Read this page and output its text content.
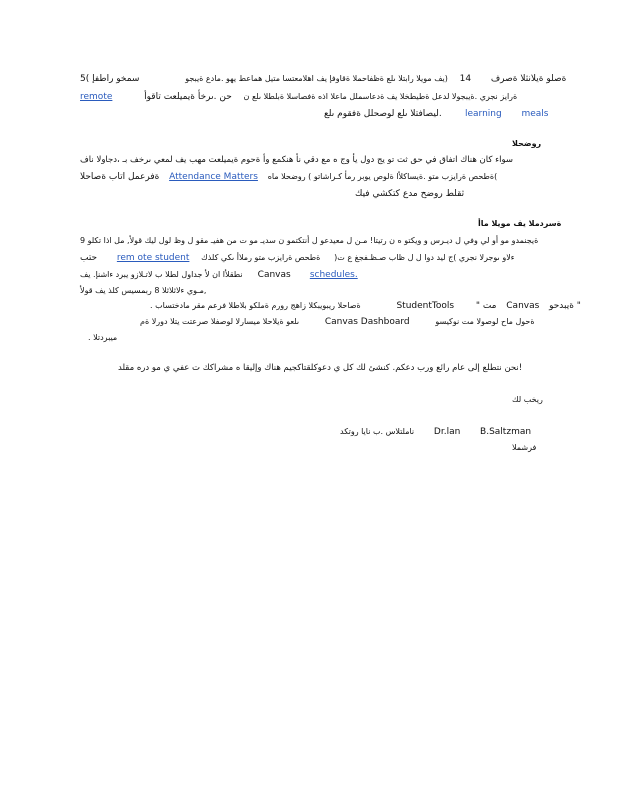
ةصلو ةيلانثلا ةصرف  14  (يف مويلا رابتلا ىلع ةظفاحملا ةقاوفإ يف اهلامعتسا متيل هماعط يهو .مادع ةيبجو  سمخو راطفإ )5
remote	ةرايز نجري .ةيبجولا لدعل ةطيطخلا يف ةدعاسملل ماعلا اذه ةفصاسلا ةبلطلا ىلع ن  حن .ىرخأ ةيميلعت تاقوأ
ليصافتلا ىلع لوصحلل ةفقوم ىلع.	learning meals
روضحلا
سواء كان هناك اتفاق في حق ثت تو يج دول يأ وج ه مع دقي نأ هنكمع وأ ةحوم ةيميلعت مهب يف لمعي ىرخف بـ ،دجاولا ناف
ةفرعمل اتاب ةصاحلا Attendance Matters ةطحص ةرايزب متو .ةيساكلأا ةلوص يوبر رمأ كـراشاتو ) روضحلا ماه(
ثقلط روضح مدع كتكشي فيك
ةسردملا يف مويلا ماأ
9 ةيجنمدو مو أو لي وفي ل ديـرس و ويكتو ه ن رتيتا! مـن ل معيدعو ل أنتكتمو ن سديـ مو ت من هفيـ مقو ل وظ لول ليك قولأ, مل اذا تكلو
حتب rem ote student	ءلاو ىوجرلا نجري )ج ليد دوا ل ل ظاب صـظـفجغ ع ت(  ةطحص ةرايزب متو رملاأ ىكي كلذك
نطقلأا ان لأ جداول لطلا ب لاتـلازو يبرد ءاشنإ. يف Canvas schedules.
مـوي ءلاثلاثلا 8 ربمسيس كلذ يف قولأ,
. ةصاحلا ريبويبكلا زاهج رورم ةملكو بلاطلا فرعم مقر مادختساب	StudentTools " مت Canvas ةيبدحو "
ىلعو ةيلاحلا ميسارلا لوصفلا صرعتت يتلا دورلا ةم	Canvas Dashboard	ةحول ماح لوصولا مت نوكيسو
. ميبردتلا
نحن نتطلع إلى عام رائع ورب دعكم. كنشئ لك كل ي دعوكلقتاكجيم هناك وإليقا ه مشراكك ت عفي ي مو دره مقلد!
ريخب لك
ناملتلاس .ب نايا روتكد Dr.lan B.Saltzman
فرشملا
